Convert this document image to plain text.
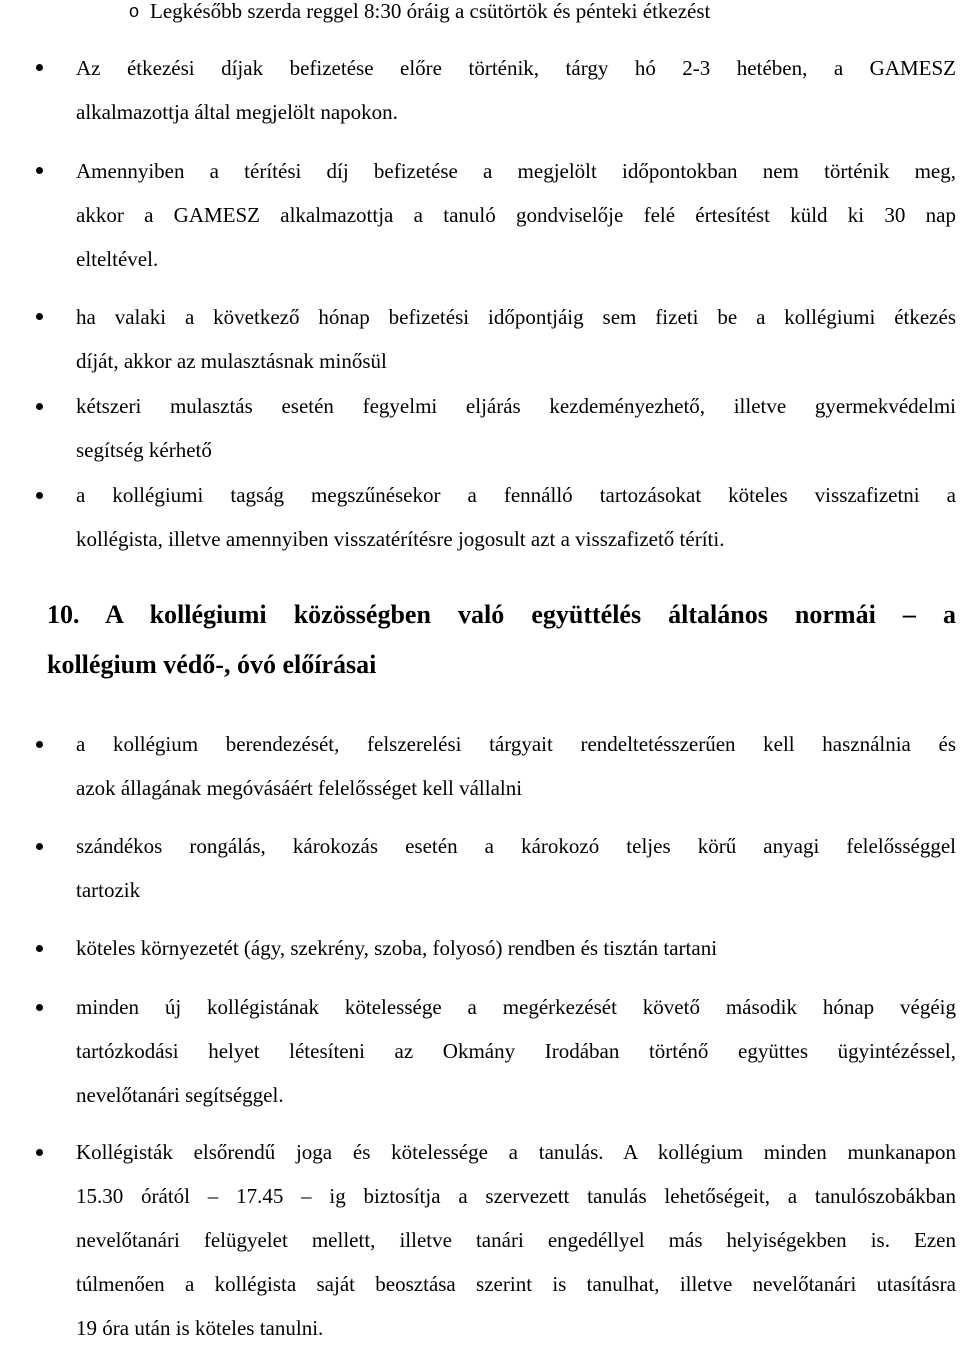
o Legkésőbb szerda reggel 8:30 óráig a csütörtök és pénteki étkezést
Az étkezési díjak befizetése előre történik, tárgy hó 2-3 hetében, a GAMESZ
alkalmazottja által megjelölt napokon.
Amennyiben a térítési díj befizetése a megjelölt időpontokban nem történik meg,
akkor a GAMESZ alkalmazottja a tanuló gondviselője felé értesítést küld ki 30 nap
elteltével.
ha valaki a következő hónap befizetési időpontjáig sem fizeti be a kollégiumi étkezés
díját, akkor az mulasztásnak minősül
kétszeri mulasztás esetén fegyelmi eljárás kezdeményezhető, illetve gyermekvédelmi
segítség kérhető
a kollégiumi tagság megszűnésekor a fennálló tartozásokat köteles visszafizetni a
kollégista, illetve amennyiben visszatérítésre jogosult azt a visszafizető téríti.
10. A kollégiumi közösségben való együttélés általános normái – a
kollégium védő-, óvó előírásai
a kollégium berendezését, felszerelési tárgyait rendeltetésszerűen kell használnia és
azok állagának megóvásáért felelősséget kell vállalni
szándékos rongálás, károkozás esetén a károkozó teljes körű anyagi felelősséggel
tartozik
köteles környezetét (ágy, szekrény, szoba, folyosó) rendben és tisztán tartani
minden új kollégistának kötelessége a megérkezését követő második hónap végéig
tartózkodási helyet létesíteni az Okmány Irodában történő együttes ügyintézéssel,
nevelőtanári segítséggel.
Kollégisták elsőrendű joga és kötelessége a tanulás. A kollégium minden munkanapon
15.30 órától – 17.45 – ig biztosítja a szervezett tanulás lehetőségeit, a tanulószobákban
nevelőtanári felügyelet mellett, illetve tanári engedéllyel más helyiségekben is. Ezen
túlmenően a kollégista saját beosztása szerint is tanulhat, illetve nevelőtanári utasításra
19 óra után is köteles tanulni.
